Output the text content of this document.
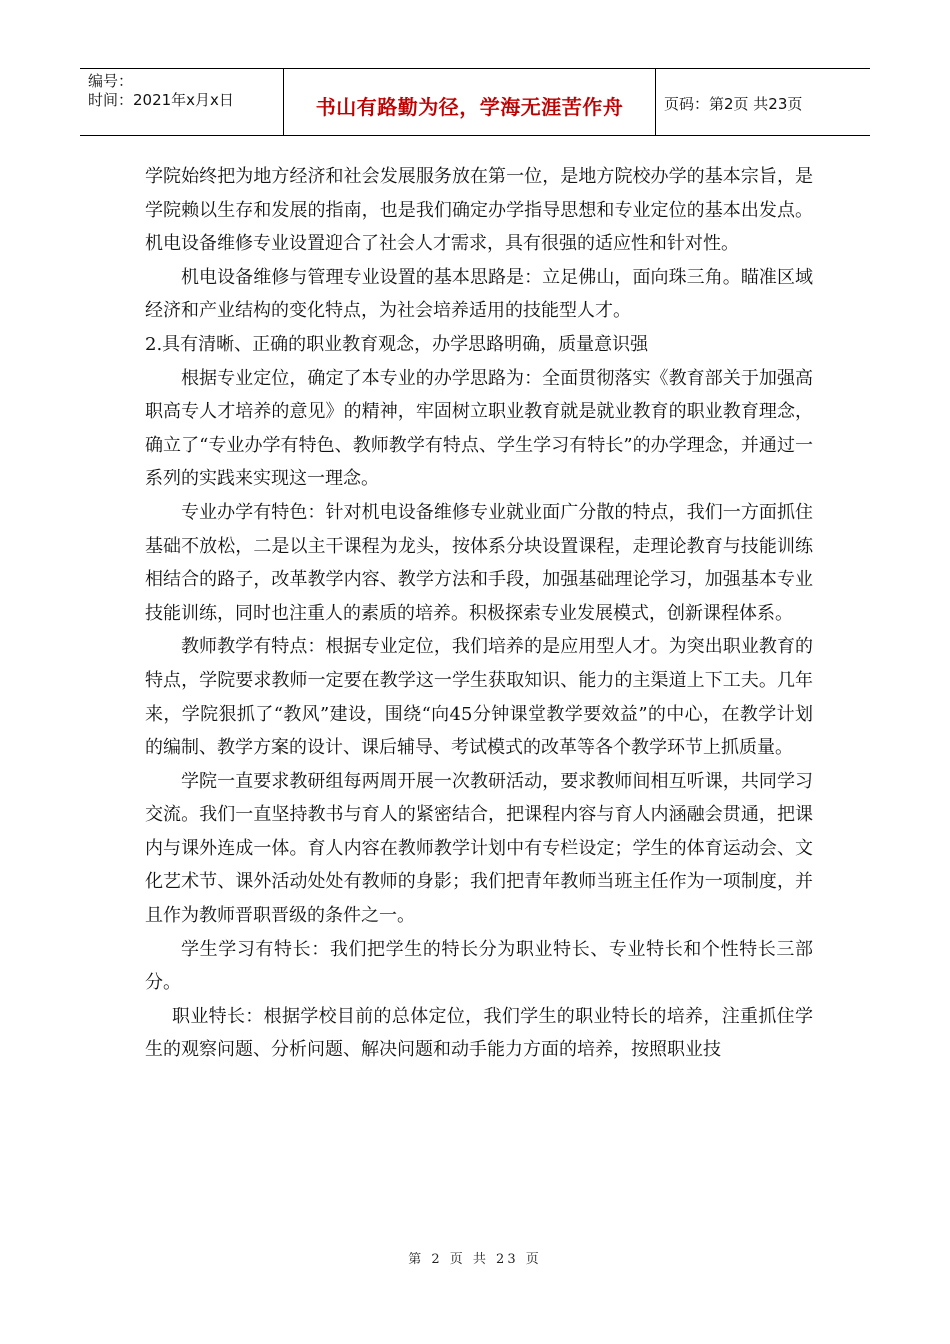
编号：
时间：2021年x月x日	书山有路勤为径，学海无涯苦作舟	页码：第2页 共23页

学院始终把为地方经济和社会发展服务放在第一位，是地方院校办学的基本宗旨，是学院赖以生存和发展的指南，也是我们确定办学指导思想和专业定位的基本出发点。机电设备维修专业设置迎合了社会人才需求，具有很强的适应性和针对性。

机电设备维修与管理专业设置的基本思路是：立足佛山，面向珠三角。瞄准区域经济和产业结构的变化特点，为社会培养适用的技能型人才。

2.具有清晰、正确的职业教育观念，办学思路明确，质量意识强

根据专业定位，确定了本专业的办学思路为：全面贯彻落实《教育部关于加强高职高专人才培养的意见》的精神，牢固树立职业教育就是就业教育的职业教育理念，确立了“专业办学有特色、教师教学有特点、学生学习有特长”的办学理念，并通过一系列的实践来实现这一理念。

专业办学有特色：针对机电设备维修专业就业面广分散的特点，我们一方面抓住基础不放松，二是以主干课程为龙头，按体系分块设置课程，走理论教育与技能训练相结合的路子，改革教学内容、教学方法和手段，加强基础理论学习，加强基本专业技能训练，同时也注重人的素质的培养。积极探索专业发展模式，创新课程体系。

教师教学有特点：根据专业定位，我们培养的是应用型人才。为突出职业教育的特点，学院要求教师一定要在教学这一学生获取知识、能力的主渠道上下工夫。几年来，学院狠抓了“教风”建设，围绕“向45分钟课堂教学要效益”的中心，在教学计划的编制、教学方案的设计、课后辅导、考试模式的改革等各个教学环节上抓质量。

学院一直要求教研组每两周开展一次教研活动，要求教师间相互听课，共同学习交流。我们一直坚持教书与育人的紧密结合，把课程内容与育人内涵融会贯通，把课内与课外连成一体。育人内容在教师教学计划中有专栏设定；学生的体育运动会、文化艺术节、课外活动处处有教师的身影；我们把青年教师当班主任作为一项制度，并且作为教师晋职晋级的条件之一。

学生学习有特长：我们把学生的特长分为职业特长、专业特长和个性特长三部分。

职业特长：根据学校目前的总体定位，我们学生的职业特长的培养，注重抓住学生的观察问题、分析问题、解决问题和动手能力方面的培养，按照职业技

第 2 页 共 23 页
